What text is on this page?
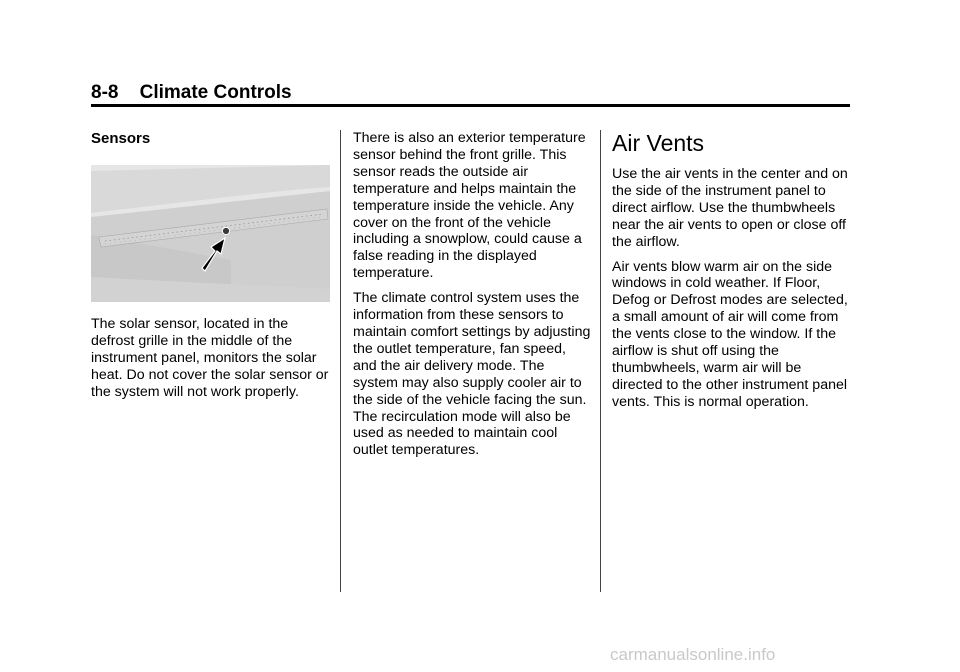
8-8 Climate Controls
Sensors

The solar sensor, located in the defrost grille in the middle of the instrument panel, monitors the solar heat. Do not cover the solar sensor or the system will not work properly.

There is also an exterior temperature sensor behind the front grille. This sensor reads the outside air temperature and helps maintain the temperature inside the vehicle. Any cover on the front of the vehicle including a snowplow, could cause a false reading in the displayed temperature.

The climate control system uses the information from these sensors to maintain comfort settings by adjusting the outlet temperature, fan speed, and the air delivery mode. The system may also supply cooler air to the side of the vehicle facing the sun. The recirculation mode will also be used as needed to maintain cool outlet temperatures.

Air Vents

Use the air vents in the center and on the side of the instrument panel to direct airflow. Use the thumbwheels near the air vents to open or close off the airflow.

Air vents blow warm air on the side windows in cold weather. If Floor, Defog or Defrost modes are selected, a small amount of air will come from the vents close to the window. If the airflow is shut off using the thumbwheels, warm air will be directed to the other instrument panel vents. This is normal operation.

carmanualsonline.info
